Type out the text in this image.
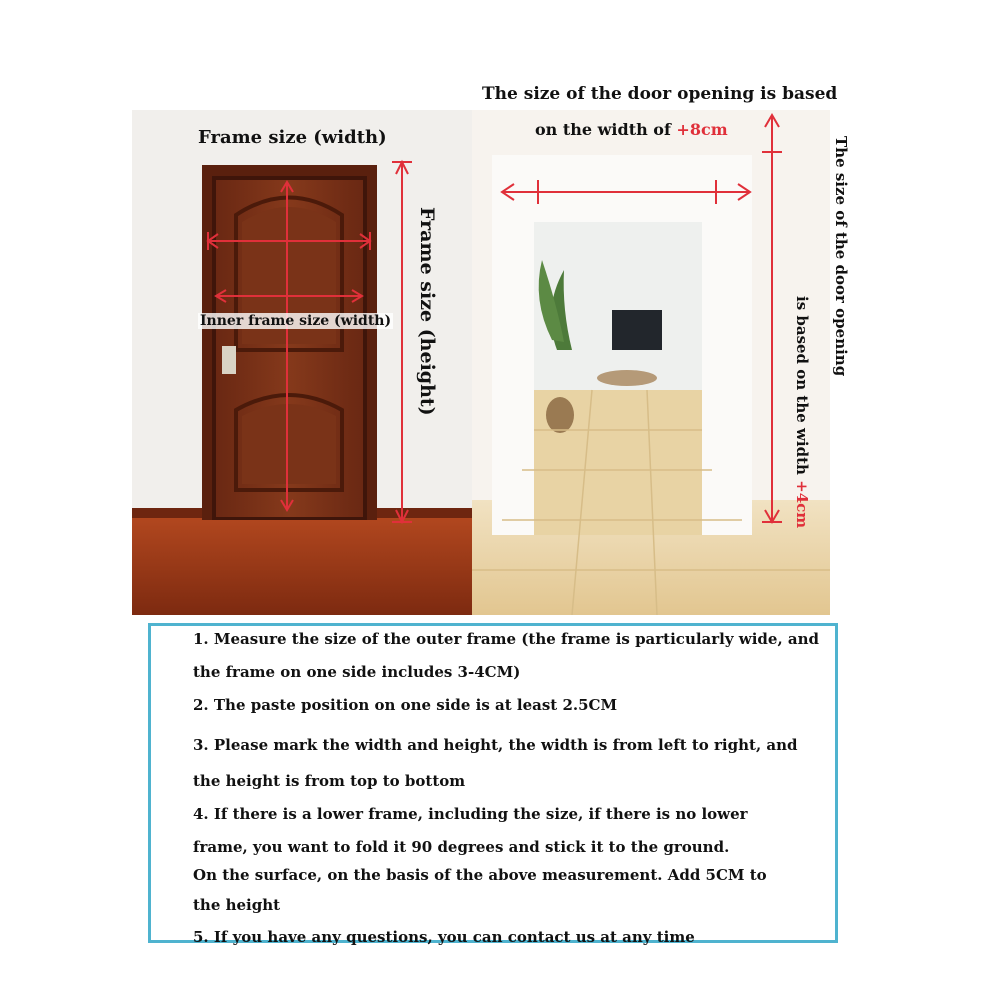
The size of the door opening is based
on the width of +8cm
Frame size (width)
Inner frame size (width) Frame size (height)	The size of the door opening
is based on the width +4cm
1. Measure the size of the outer frame (the frame is particularly wide, and
the frame on one side includes 3-4CM)
2. The paste position on one side is at least 2.5CM
3. Please mark the width and height, the width is from left to right, and
the height is from top to bottom
4. If there is a lower frame, including the size, if there is no lower
frame, you want to fold it 90 degrees and stick it to the ground.
On the surface, on the basis of the above measurement. Add 5CM to
the height
5. If you have any questions, you can contact us at any time
